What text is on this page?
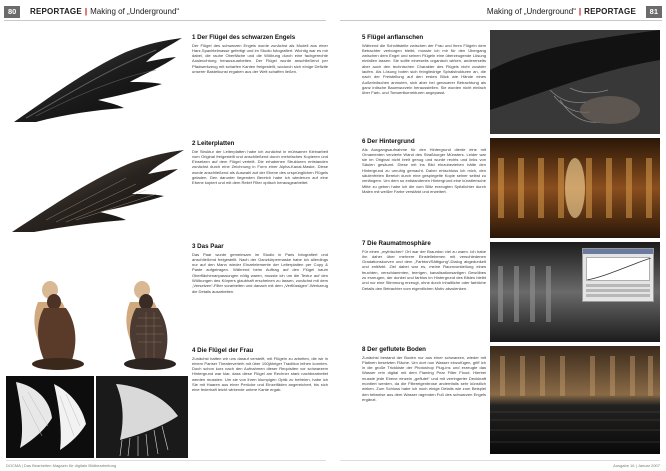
80	REPORTAGE | Making of „Underground“	Making of „Underground“ | REPORTAGE	81
1 Der Flügel des schwarzen Engels

Der Flügel des schwarzen Engels wurde zunächst als Modell aus einer Harz-Spachtelmasse gefertigt und im Studio fotografiert. Wichtig war es mir dabei, die rauhe Oberfläche und die Wölbung durch eine fachgerechte Ausleuchtung herauszuarbeiten. Der Flügel wurde anschließend per Pfadwerkzeug mit scharfen Kanten freigestellt, wodurch sich einige Defizite unserer Bastelkunst ergaben aus der Welt schaffen ließen.

2 Leiterplatten

Die Struktur der Leiterplatten habe ich zunächst in mühsamer Kleinarbeit vom Original freigestellt und anschließend durch mehrfaches Kopieren und Einsetzen auf dem Flügel verteilt. Die erhabenen Strukturen entstanden zunächst durch eine Zeichnung in Form einer Alpha-Kanal-Maske. Diese wurde anschließend als Auswahl auf der Ebene des ursprünglichen Flügels geladen. Den darunter liegenden Bereich habe ich wiederum auf eine Ebene kopiert und mit dem Relief Filter optisch herausgearbeitet.

3 Das Paar

Das Paar wurde gemeinsam im Studio in Paris fotografiert und anschließend freigestellt. Nach der Ganzkörpermaske habe ich allerdings nur auf den Mann wieder Einzelelemente der Leiterplatten per Copy & Paste aufgetragen. Während beim Auftrag auf den Flügel kaum Oberflächenanpassungen nötig waren, musste ich um die Textur auf den Wölbungen des Körpers glaubhaft erscheinen zu lassen, zunächst mit dem „Versetzen“-Filter vorarbeiten und danach mit dem „Verflüssigen“-Werkzeug die Details ausarbeiten.

4 Die Flügel der Frau

Zunächst hatten wir uns darauf versteift, mit Flügeln zu arbeiten, die wir in einem Pariser Theaterverleih mit über 100jähriger Tradition leihen konnten. Doch schon kurz nach den Aufnahmen dieser Requisiten vor schwarzem Hintergrund war klar, dass diese Flügel am Rechner stark nachbearbeitet werden mussten. Um sie von ihren klumpigen Optik zu befreien, habe ich Sie mit Haaren aus einer Perücke und Einzelfäden angereichert, bis sich eine federhaft leicht wirkende untere Kante ergab.

5 Flügel anflanschen

Während die Schnittstelle zwischen der Frau und ihren Flügeln dem Betrachter verborgen bleibt, musste ich mir für den Übergang zwischen dem Engel und seinen Flügeln eine überzeugende Lösung einfallen lassen. Sie sollte einerseits organisch wirken, andererseits aber auch den technischen Charakter des Flügels nicht zuwider laufen. Als Lösung boten sich feingliedrige Spiralstrukturen an, die nach der Freistellung auf den ersten Blick wie Hände eines Außerirdischen anmuten, sich aber bei genauerer Betrachtung als ganz irdische Baumwurzeln herausstellen. Sie wurden nicht einfach über Farb- und Tonwertkorrekturen angepasst.

6 Der Hintergrund

Als Ausgangsaufnahme für den Hintergrund diente eine mit Ornamenten verzierte Wand des Straßburger Münsters. Leider war sie im Original nicht breit genug und wurde rechts und links von Säulen gesäumt. Diese mit ins Bild einzubeziehen hätte den Hintergrund zu unruhig gemacht. Daher entschloss ich mich, den säulenfreien Bereich durch eine gespiegelte Kopie seiner selbst zu verlängern. Um dem so entstandenen Hintergrund eine künstlerische Mitte zu geben habe ich die vom Blitz erzeugten Spitzlichter durch Malen mit weißer Farbe verstärkt und erweitert.

7 Die Raumatmosphäre

Für einen „mythischen“ Ort war der Braunton viel zu warm. Ich habe ihn daher über mehrere Einstellebenen mit verschiedenen Gradationskurven und dem „Farbton/Sättigung“-Dialog abgedunkelt und entfärbt. Ziel dabei war es, meine Raumvorstellung eines feuchten, verschlammten, teerigen, kanalisationsartigen Gewölbes zu erzeugen, der dunkel und farblos im Hintergrund des Bildes bleibt und nur eine Stimmung erzeugt, ohne durch inhaltliche oder farbliche Details den Betrachter vom eigentlichen Motiv abzulenken.

8 Der geflutete Boden

Zunächst bestand der Boden nur aus einer schwarzen, wieder mit Platinen besetzten Fläche. Um dort nun Wasser einzufügen, griff ich in die große Trickkiste der Photoshop Plug-ins und erzeugte das Wasser rein digital mit dem Flaming Pear Filter Flood. Hierbei musste jede Ebene einzeln „geflutet“ und mit verringerter Deckkraft montiert werden, da die Filtereigenbrose andernfalls sehr künstlich wirken. Zum Schluss habe ich noch einige Details wie zum Beispiel den teilweise aus dem Wasser ragenden Fuß des schwarzen Engels ergänzt.

DOCMA | Das Bearbeiten Magazin für digitale Bildbearbeitung	Ausgabe 16 | Januar 2007
